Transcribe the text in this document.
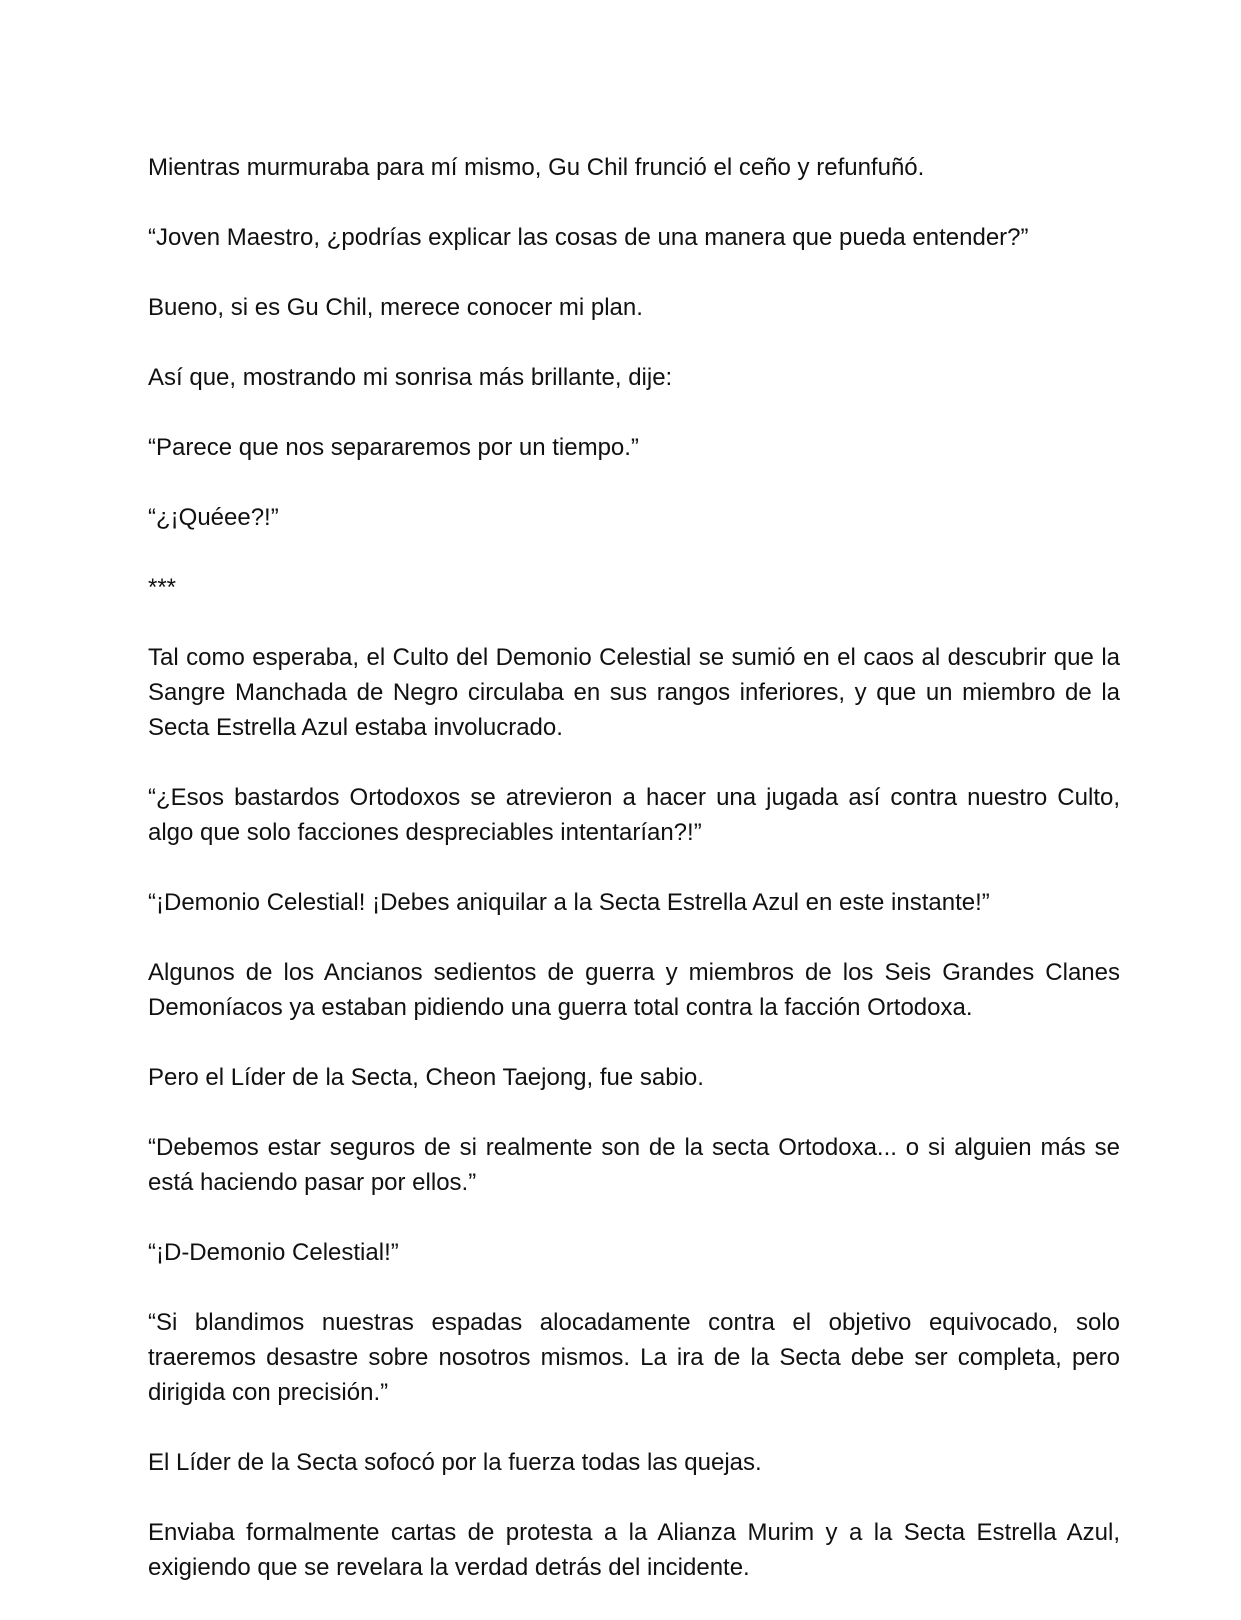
Mientras murmuraba para mí mismo, Gu Chil frunció el ceño y refunfuñó.

“Joven Maestro, ¿podrías explicar las cosas de una manera que pueda entender?”

Bueno, si es Gu Chil, merece conocer mi plan.

Así que, mostrando mi sonrisa más brillante, dije:

“Parece que nos separaremos por un tiempo.”

“¿¡Quéee?!”

***

Tal como esperaba, el Culto del Demonio Celestial se sumió en el caos al descubrir que la Sangre Manchada de Negro circulaba en sus rangos inferiores, y que un miembro de la Secta Estrella Azul estaba involucrado.

“¿Esos bastardos Ortodoxos se atrevieron a hacer una jugada así contra nuestro Culto, algo que solo facciones despreciables intentarían?!”

“¡Demonio Celestial! ¡Debes aniquilar a la Secta Estrella Azul en este instante!”

Algunos de los Ancianos sedientos de guerra y miembros de los Seis Grandes Clanes Demoníacos ya estaban pidiendo una guerra total contra la facción Ortodoxa.

Pero el Líder de la Secta, Cheon Taejong, fue sabio.

“Debemos estar seguros de si realmente son de la secta Ortodoxa... o si alguien más se está haciendo pasar por ellos.”

“¡D-Demonio Celestial!”

“Si blandimos nuestras espadas alocadamente contra el objetivo equivocado, solo traeremos desastre sobre nosotros mismos. La ira de la Secta debe ser completa, pero dirigida con precisión.”

El Líder de la Secta sofocó por la fuerza todas las quejas.

Enviaba formalmente cartas de protesta a la Alianza Murim y a la Secta Estrella Azul, exigiendo que se revelara la verdad detrás del incidente.
